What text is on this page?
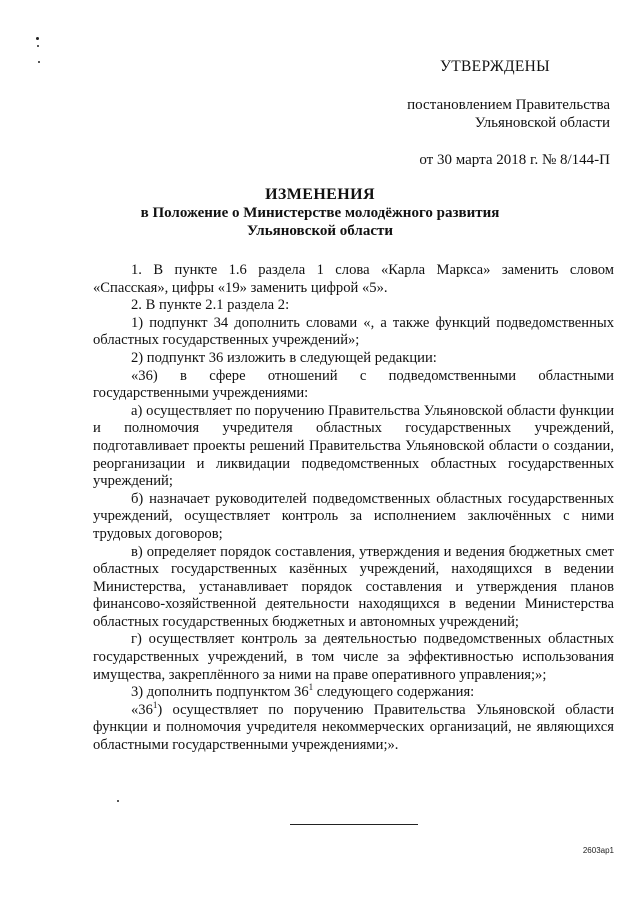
УТВЕРЖДЕНЫ
постановлением Правительства
Ульяновской области
от 30 марта 2018 г. № 8/144-П
ИЗМЕНЕНИЯ
в Положение о Министерстве молодёжного развития
Ульяновской области

1. В пункте 1.6 раздела 1 слова «Карла Маркса» заменить словом «Спасская», цифры «19» заменить цифрой «5».

2. В пункте 2.1 раздела 2:

1) подпункт 34 дополнить словами «, а также функций подведомственных областных государственных учреждений»;

2) подпункт 36 изложить в следующей редакции:

«36) в сфере отношений с подведомственными областными государственными учреждениями:

а) осуществляет по поручению Правительства Ульяновской области функции и полномочия учредителя областных государственных учреждений, подготавливает проекты решений Правительства Ульяновской области о создании, реорганизации и ликвидации подведомственных областных государственных учреждений;

б) назначает руководителей подведомственных областных государственных учреждений, осуществляет контроль за исполнением заключённых с ними трудовых договоров;

в) определяет порядок составления, утверждения и ведения бюджетных смет областных государственных казённых учреждений, находящихся в ведении Министерства, устанавливает порядок составления и утверждения планов финансово-хозяйственной деятельности находящихся в ведении Министерства областных государственных бюджетных и автономных учреждений;

г) осуществляет контроль за деятельностью подведомственных областных государственных учреждений, в том числе за эффективностью использования имущества, закреплённого за ними на праве оперативного управления;»;

3) дополнить подпунктом $36^1$ следующего содержания:

«$36^1$) осуществляет по поручению Правительства Ульяновской области функции и полномочия учредителя некоммерческих организаций, не являющихся областными государственными учреждениями;».

2603ap1
